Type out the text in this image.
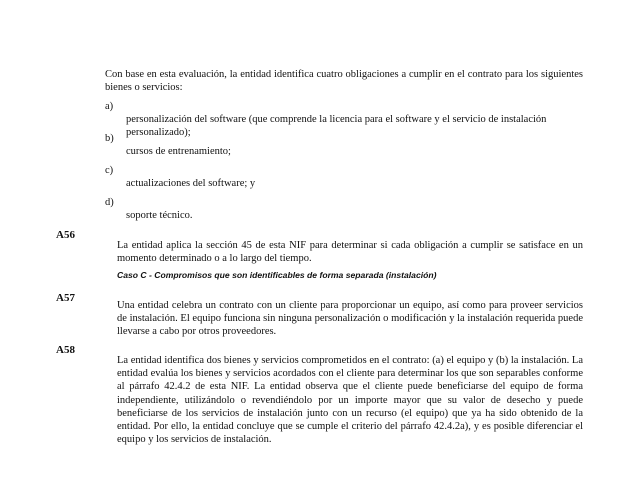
Con base en esta evaluación, la entidad identifica cuatro obligaciones a cumplir en el contrato para los siguientes bienes o servicios:
a)
personalización del software (que comprende la licencia para el software y el servicio de instalación personalizado);
b)
cursos de entrenamiento;
c)
actualizaciones del software; y
d)
soporte técnico.
A56
La entidad aplica la sección 45 de esta NIF para determinar si cada obligación a cumplir se satisface en un momento determinado o a lo largo del tiempo.
Caso C - Compromisos que son identificables de forma separada (instalación)
A57
Una entidad celebra un contrato con un cliente para proporcionar un equipo, así como para proveer servicios de instalación. El equipo funciona sin ninguna personalización o modificación y la instalación requerida puede llevarse a cabo por otros proveedores.
A58
La entidad identifica dos bienes y servicios comprometidos en el contrato: (a) el equipo y (b) la instalación. La entidad evalúa los bienes y servicios acordados con el cliente para determinar los que son separables conforme al párrafo 42.4.2 de esta NIF. La entidad observa que el cliente puede beneficiarse del equipo de forma independiente, utilizándolo o revendiéndolo por un importe mayor que su valor de desecho y puede beneficiarse de los servicios de instalación junto con un recurso (el equipo) que ya ha sido obtenido de la entidad. Por ello, la entidad concluye que se cumple el criterio del párrafo 42.4.2a), y es posible diferenciar el equipo y los servicios de instalación.
